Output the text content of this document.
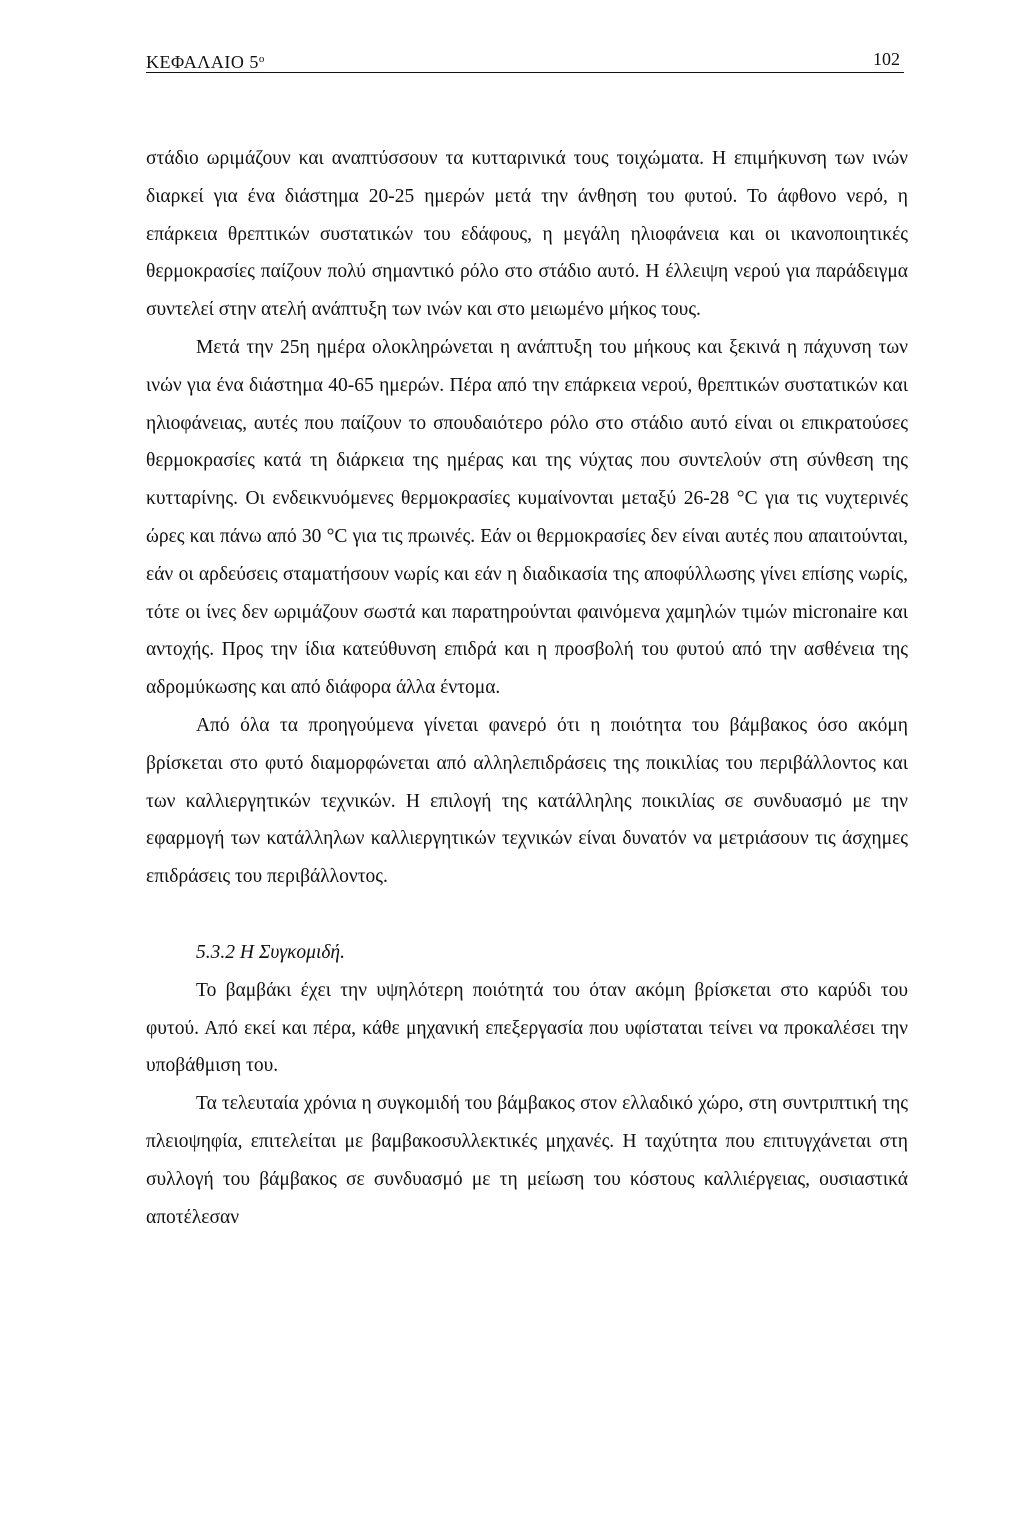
ΚΕΦΑΛΑΙΟ $5^o$	102

στάδιο ωριμάζουν και αναπτύσσουν τα κυτταρινικά τους τοιχώματα. Η επιμήκυνση των ινών διαρκεί για ένα διάστημα 20-25 ημερών μετά την άνθηση του φυτού. Το άφθονο νερό, η επάρκεια θρεπτικών συστατικών του εδάφους, η μεγάλη ηλιοφάνεια και οι ικανοποιητικές θερμοκρασίες παίζουν πολύ σημαντικό ρόλο στο στάδιο αυτό. Η έλλειψη νερού για παράδειγμα συντελεί στην ατελή ανάπτυξη των ινών και στο μειωμένο μήκος τους.

Μετά την 25η ημέρα ολοκληρώνεται η ανάπτυξη του μήκους και ξεκινά η πάχυνση των ινών για ένα διάστημα 40-65 ημερών. Πέρα από την επάρκεια νερού, θρεπτικών συστατικών και ηλιοφάνειας, αυτές που παίζουν το σπουδαιότερο ρόλο στο στάδιο αυτό είναι οι επικρατούσες θερμοκρασίες κατά τη διάρκεια της ημέρας και της νύχτας που συντελούν στη σύνθεση της κυτταρίνης. Οι ενδεικνυόμενες θερμοκρασίες κυμαίνονται μεταξύ 26-28 °C για τις νυχτερινές ώρες και πάνω από 30 °C για τις πρωινές. Εάν οι θερμοκρασίες δεν είναι αυτές που απαιτούνται, εάν οι αρδεύσεις σταματήσουν νωρίς και εάν η διαδικασία της αποφύλλωσης γίνει επίσης νωρίς, τότε οι ίνες δεν ωριμάζουν σωστά και παρατηρούνται φαινόμενα χαμηλών τιμών micronaire και αντοχής. Προς την ίδια κατεύθυνση επιδρά και η προσβολή του φυτού από την ασθένεια της αδρομύκωσης και από διάφορα άλλα έντομα.

Από όλα τα προηγούμενα γίνεται φανερό ότι η ποιότητα του βάμβακος όσο ακόμη βρίσκεται στο φυτό διαμορφώνεται από αλληλεπιδράσεις της ποικιλίας του περιβάλλοντος και των καλλιεργητικών τεχνικών. Η επιλογή της κατάλληλης ποικιλίας σε συνδυασμό με την εφαρμογή των κατάλληλων καλλιεργητικών τεχνικών είναι δυνατόν να μετριάσουν τις άσχημες επιδράσεις του περιβάλλοντος.

5.3.2 Η Συγκομιδή.

Το βαμβάκι έχει την υψηλότερη ποιότητά του όταν ακόμη βρίσκεται στο καρύδι του φυτού. Από εκεί και πέρα, κάθε μηχανική επεξεργασία που υφίσταται τείνει να προκαλέσει την υποβάθμιση του.

Τα τελευταία χρόνια η συγκομιδή του βάμβακος στον ελλαδικό χώρο, στη συντριπτική της πλειοψηφία, επιτελείται με βαμβακοσυλλεκτικές μηχανές. Η ταχύτητα που επιτυγχάνεται στη συλλογή του βάμβακος σε συνδυασμό με τη μείωση του κόστους καλλιέργειας, ουσιαστικά αποτέλεσαν
